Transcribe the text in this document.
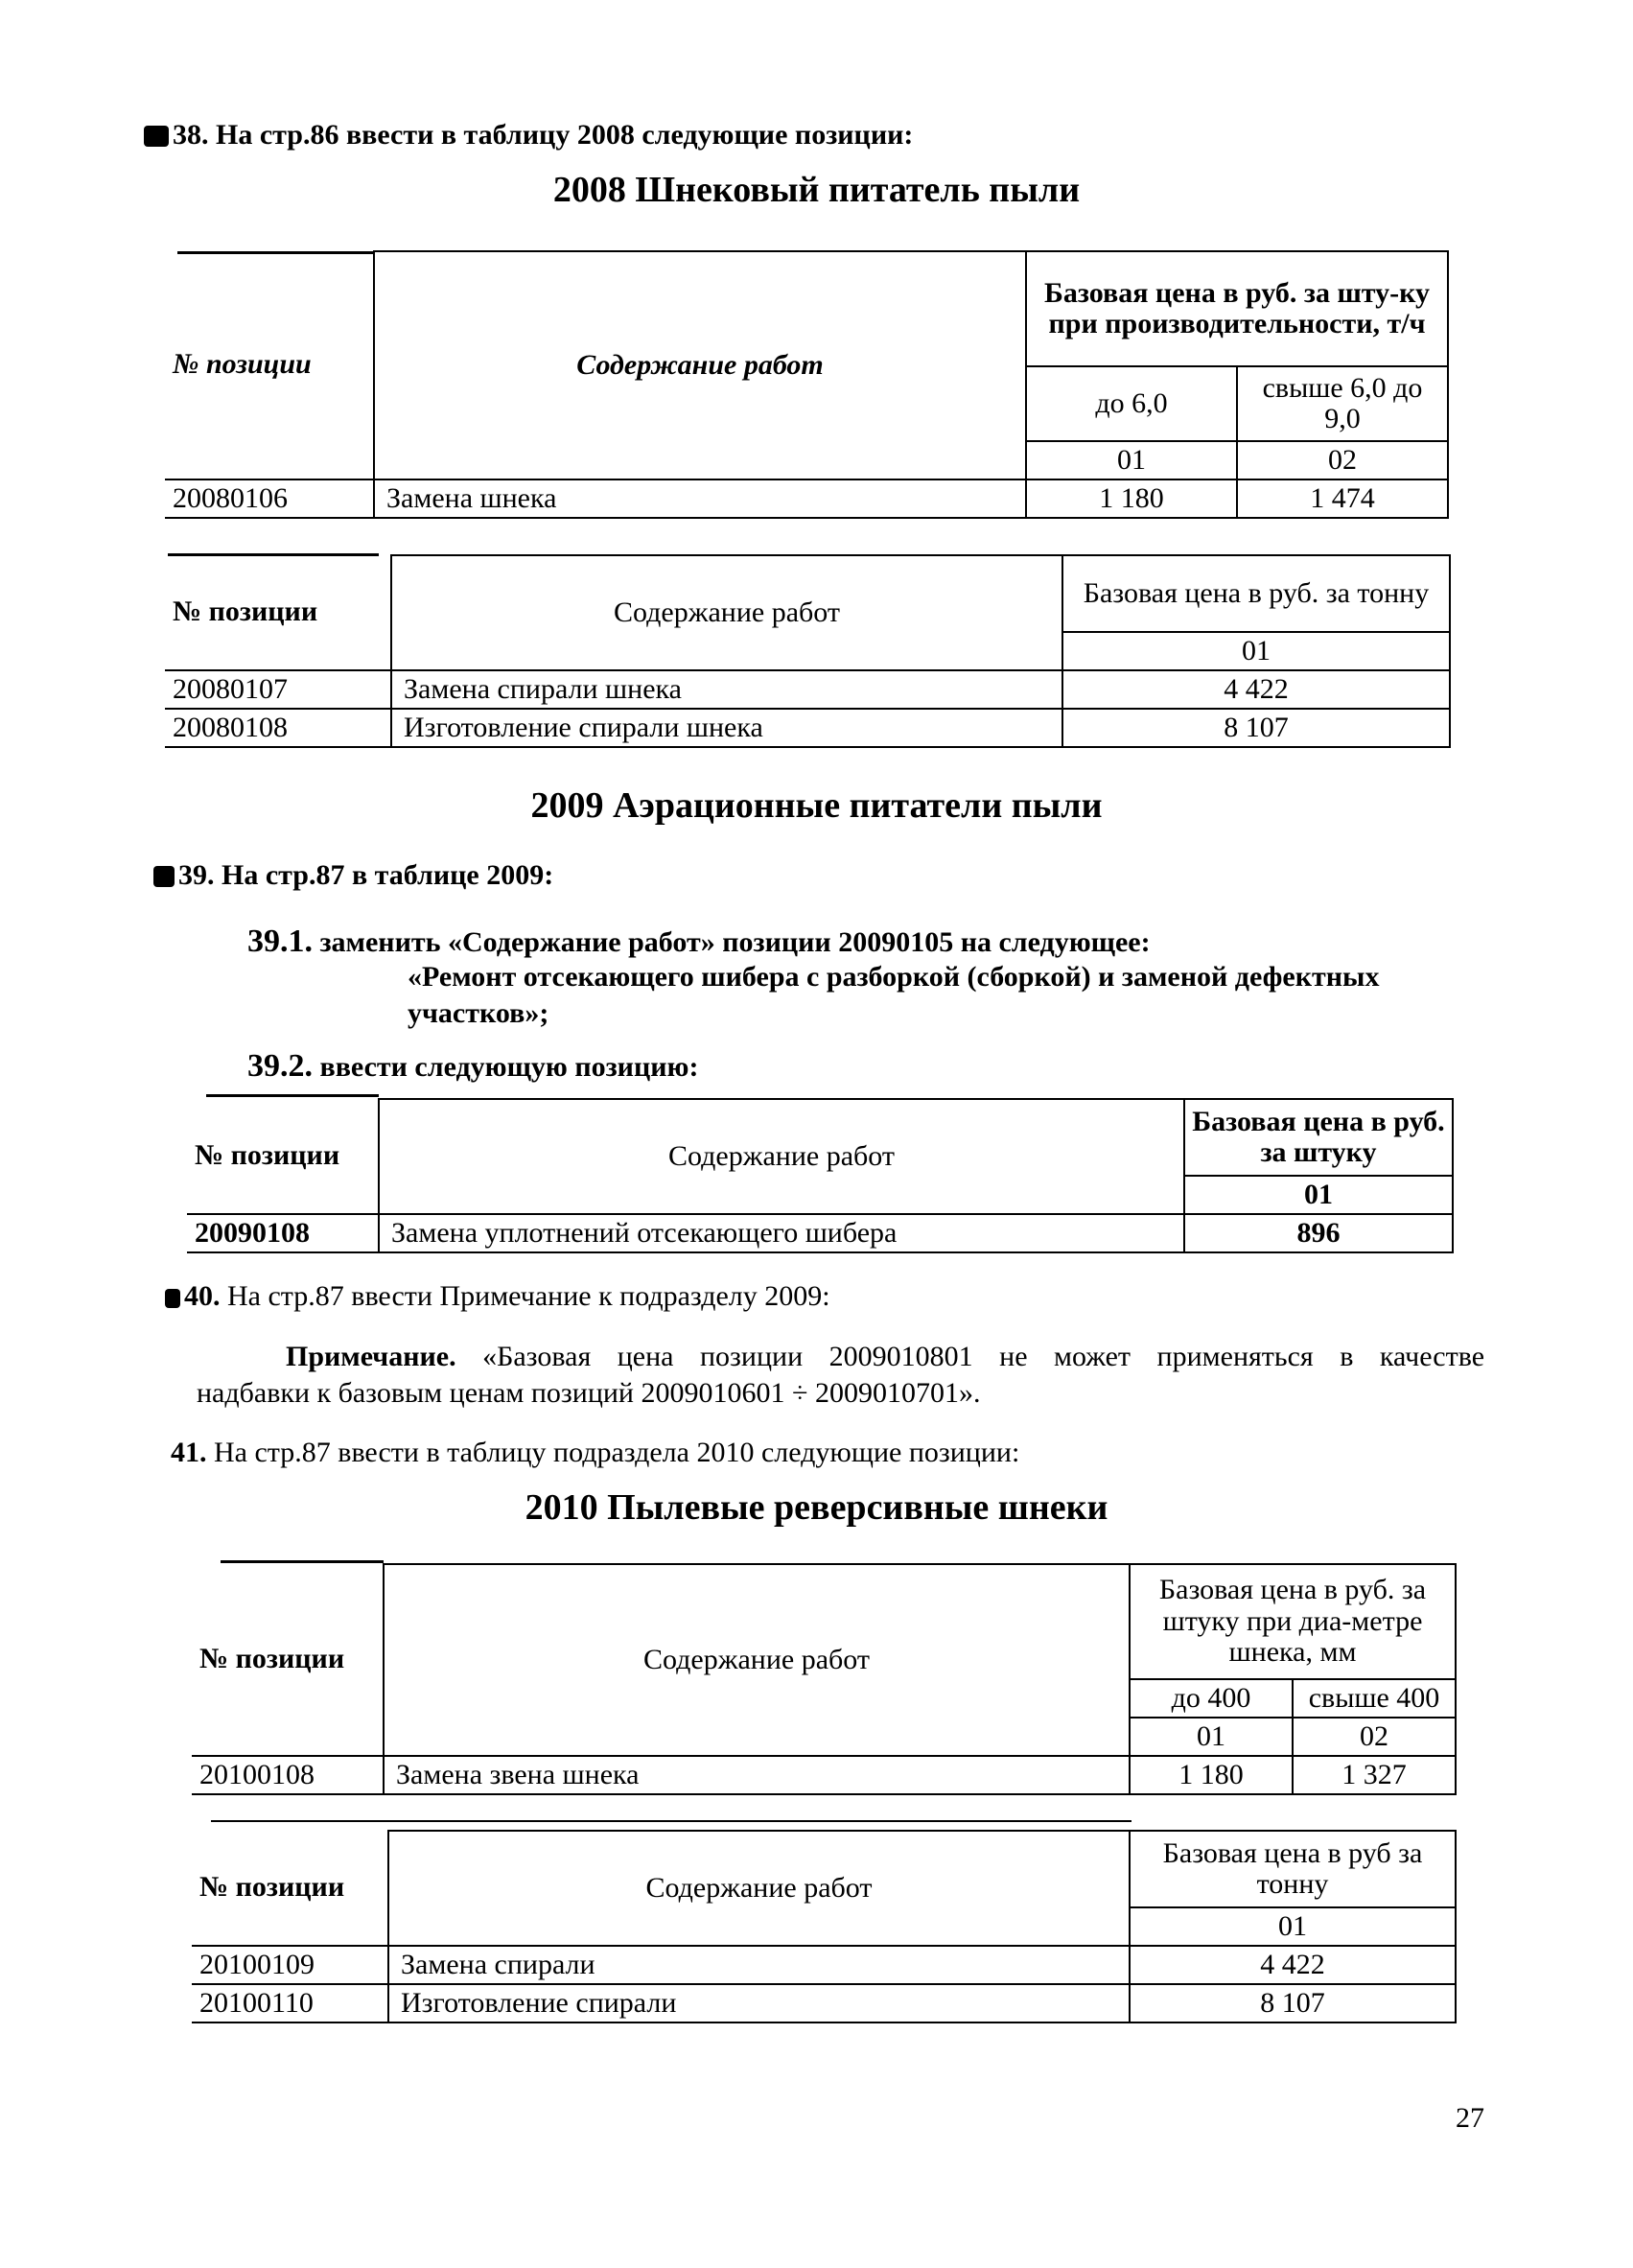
38. На стр.86 ввести в таблицу 2008 следующие позиции:
2008 Шнековый питатель пыли
№ позиции	Содержание работ	Базовая цена в руб. за шту-ку при производительности, т/ч	
		до 6,0	свыше 6,0 до 9,0
		01	02
20080106	Замена шнека	1 180	1 474
№ позиции	Содержание работ	Базовая цена в руб. за тонну
		01
20080107	Замена спирали шнека	4 422
20080108	Изготовление спирали шнека	8 107
2009 Аэрационные питатели пыли
39. На стр.87 в таблице 2009:
39.1. заменить «Содержание работ» позиции 20090105 на следующее:
«Ремонт отсекающего шибера с разборкой (сборкой) и заменой дефектных
участков»;
39.2. ввести следующую позицию:
№ позиции	Содержание работ	Базовая цена в руб. за штуку
		01
20090108	Замена уплотнений отсекающего шибера	896
40. На стр.87 ввести Примечание к подразделу 2009:
Примечание. «Базовая цена позиции 2009010801 не может применяться в качестве
надбавки к базовым ценам позиций 2009010601 ÷ 2009010701».
41. На стр.87 ввести в таблицу подраздела 2010 следующие позиции:
2010 Пылевые реверсивные шнеки
№ позиции	Содержание работ	Базовая цена в руб. за штуку при диа-метре шнека, мм	
		до 400	свыше 400
		01	02
20100108	Замена звена шнека	1 180	1 327
№ позиции	Содержание работ	Базовая цена в руб за тонну
		01
20100109	Замена спирали	4 422
20100110	Изготовление спирали	8 107
27
